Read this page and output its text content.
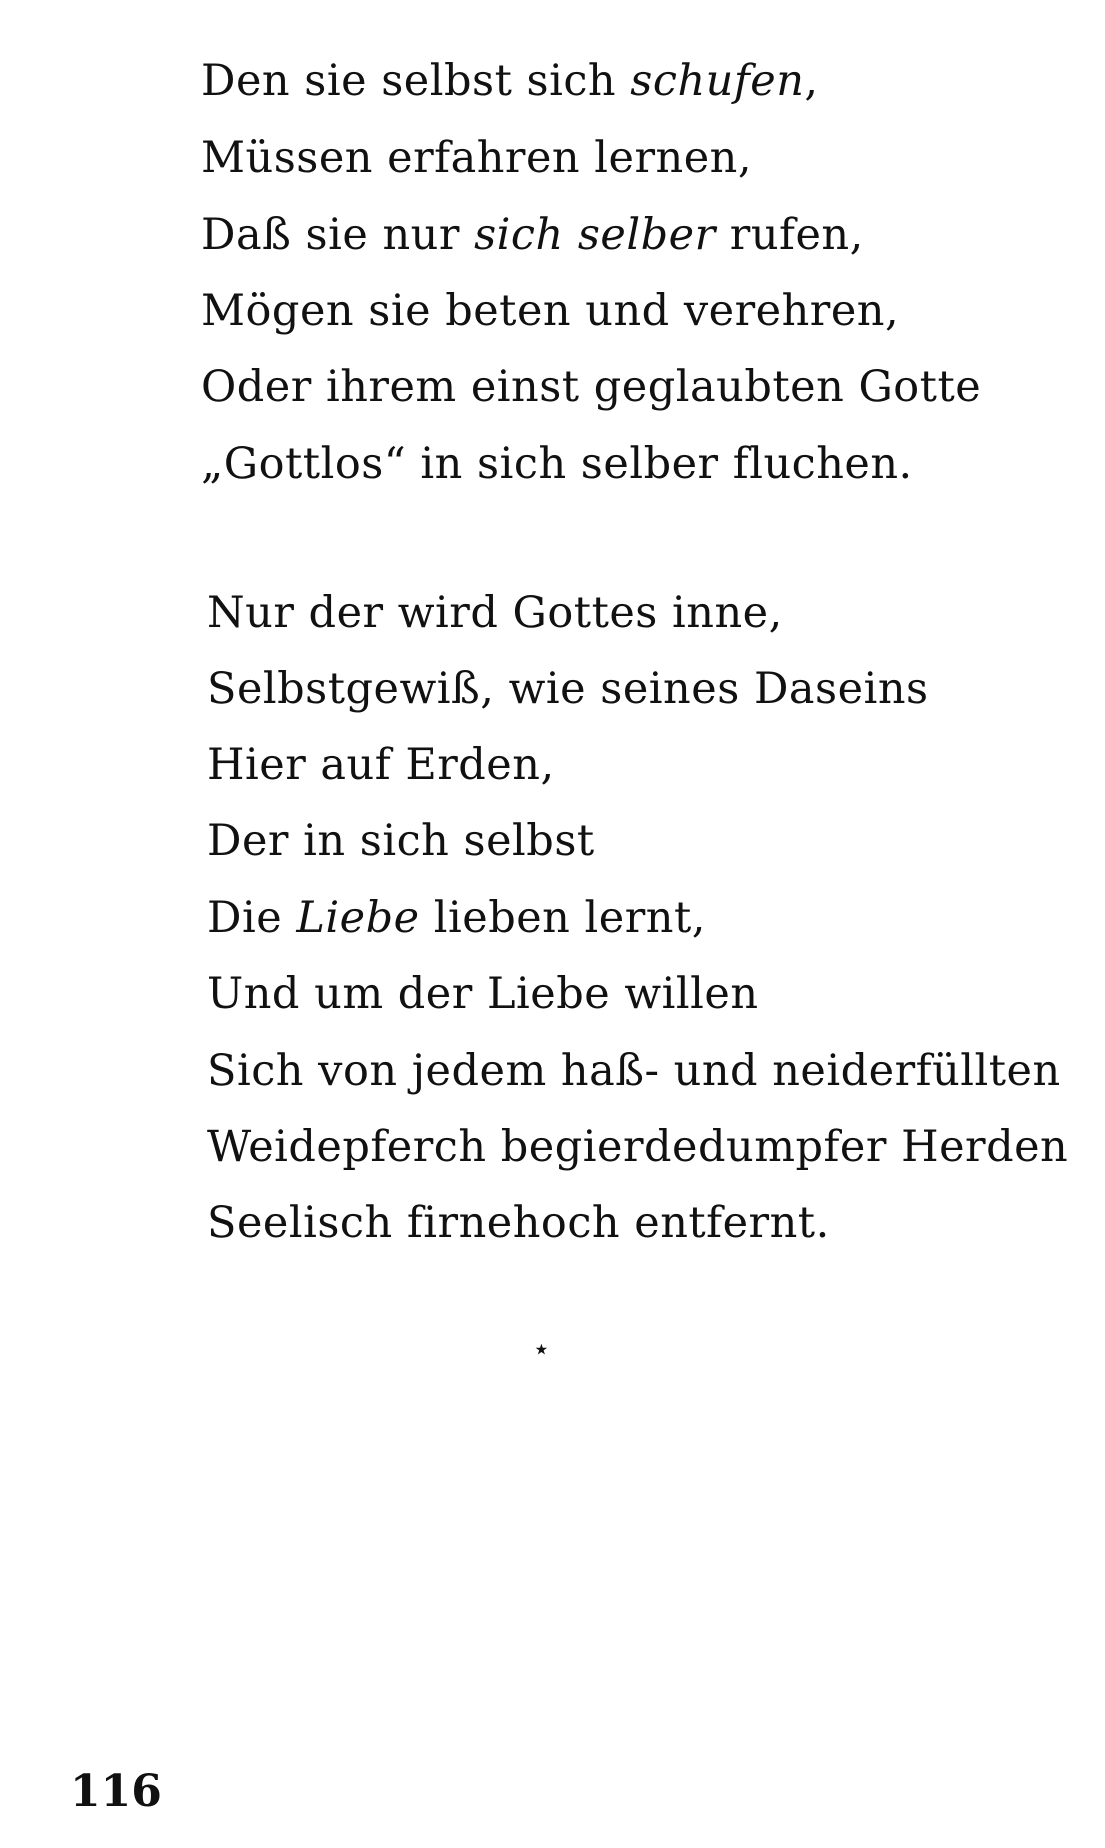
Den sie selbst sich schufen,
Müssen erfahren lernen,
Daß sie nur sich selber rufen,
Mögen sie beten und verehren,
Oder ihrem einst geglaubten Gotte
„Gottlos“ in sich selber fluchen.
Nur der wird Gottes inne,
Selbstgewiß, wie seines Daseins
Hier auf Erden,
Der in sich selbst
Die Liebe lieben lernt,
Und um der Liebe willen
Sich von jedem haß- und neiderfüllten
Weidepferch begierdedumpfer Herden
Seelisch firnehoch entfernt.
⋆
116
